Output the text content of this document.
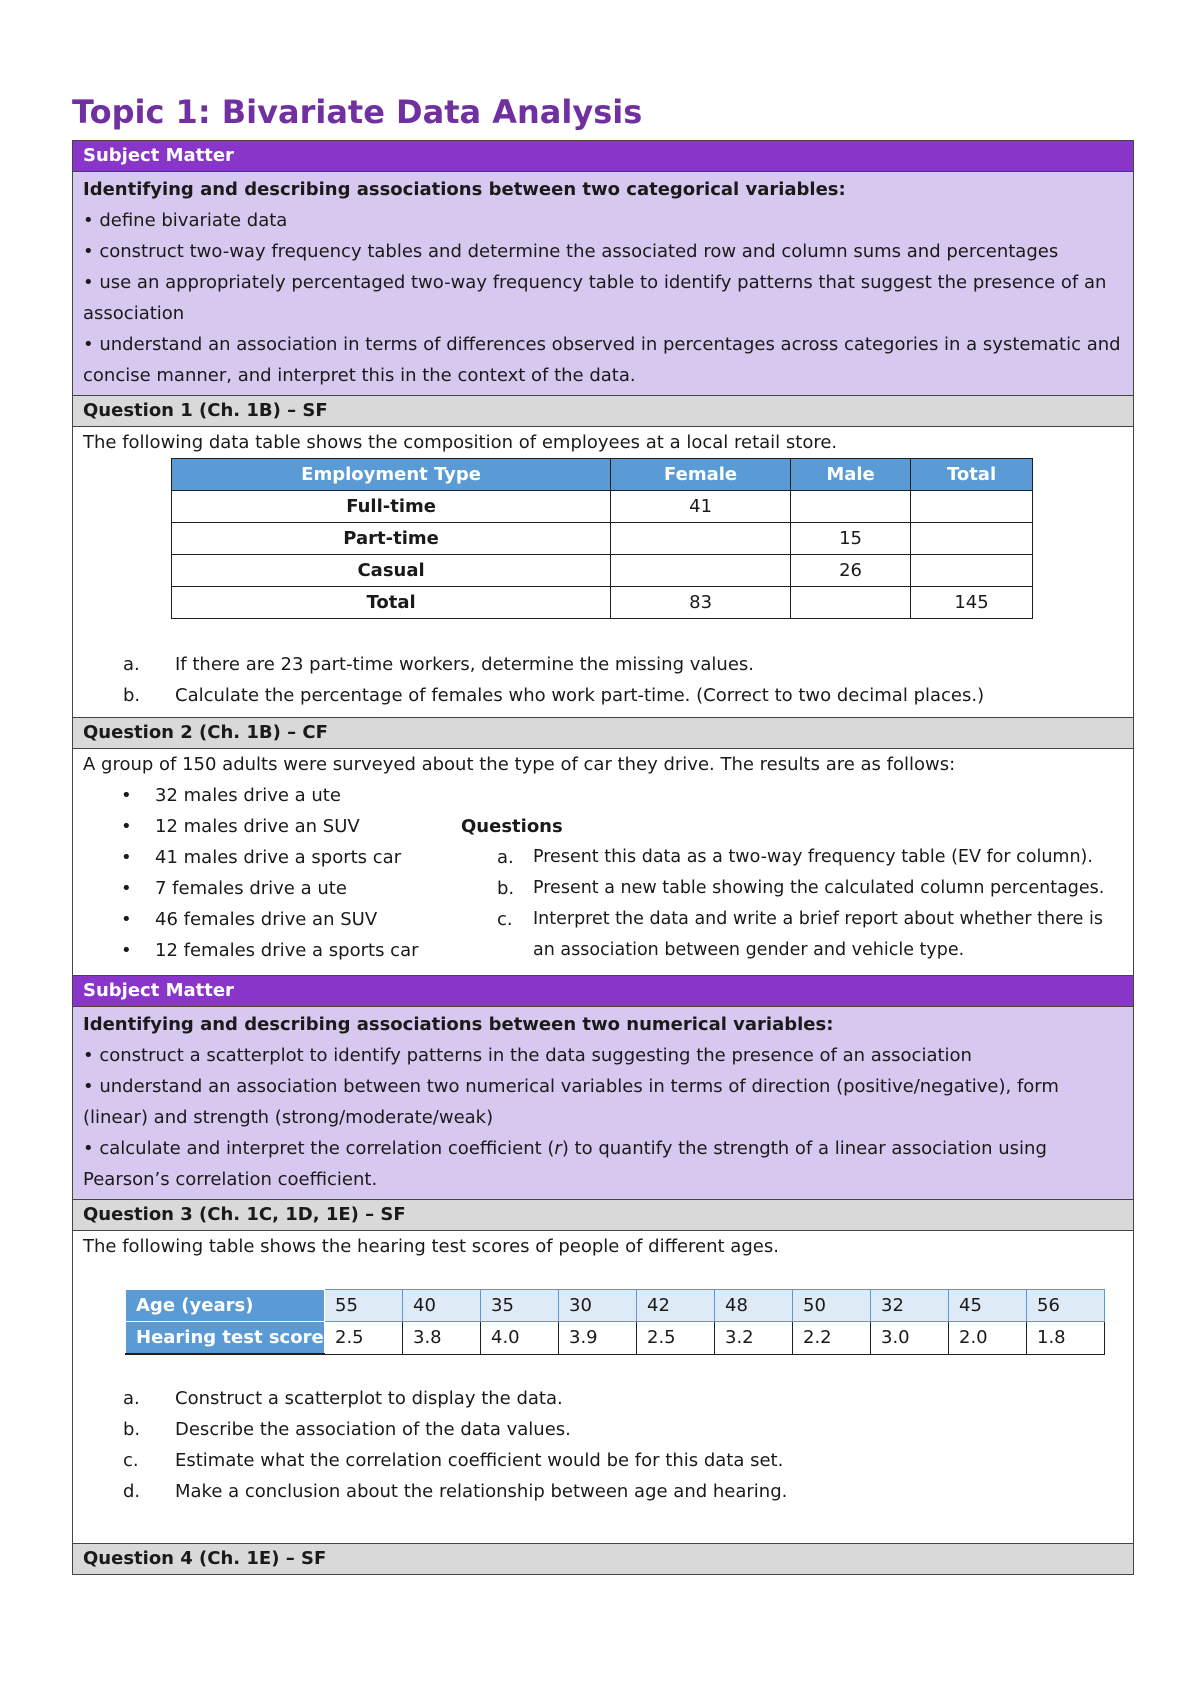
Topic 1: Bivariate Data Analysis
Subject Matter
Identifying and describing associations between two categorical variables:
• define bivariate data
• construct two-way frequency tables and determine the associated row and column sums and percentages
• use an appropriately percentaged two-way frequency table to identify patterns that suggest the presence of an association
• understand an association in terms of differences observed in percentages across categories in a systematic and concise manner, and interpret this in the context of the data.
Question 1 (Ch. 1B) – SF

The following data table shows the composition of employees at a local retail store.

Employment Type	Female	Male	Total
Full-time	41		
Part-time		15	
Casual		26	
Total	83		145
a.	If there are 23 part-time workers, determine the missing values.
b.	Calculate the percentage of females who work part-time. (Correct to two decimal places.)
Question 2 (Ch. 1B) – CF

A group of 150 adults were surveyed about the type of car they drive. The results are as follows:

•	32 males drive a ute
•	12 males drive an SUV
•	41 males drive a sports car
•	7 females drive a ute
•	46 females drive an SUV
•	12 females drive a sports car
Questions
a.	Present this data as a two-way frequency table (EV for column).
b.	Present a new table showing the calculated column percentages.
c.	Interpret the data and write a brief report about whether there is an association between gender and vehicle type.
Subject Matter
Identifying and describing associations between two numerical variables:
• construct a scatterplot to identify patterns in the data suggesting the presence of an association
• understand an association between two numerical variables in terms of direction (positive/negative), form (linear) and strength (strong/moderate/weak)
• calculate and interpret the correlation coefficient (r) to quantify the strength of a linear association using Pearson’s correlation coefficient.
Question 3 (Ch. 1C, 1D, 1E) – SF

The following table shows the hearing test scores of people of different ages.

Age (years)	55	40	35	30	42	48	50	32	45	56
Hearing test score	2.5	3.8	4.0	3.9	2.5	3.2	2.2	3.0	2.0	1.8
a.	Construct a scatterplot to display the data.
b.	Describe the association of the data values.
c.	Estimate what the correlation coefficient would be for this data set.
d.	Make a conclusion about the relationship between age and hearing.
Question 4 (Ch. 1E) – SF
